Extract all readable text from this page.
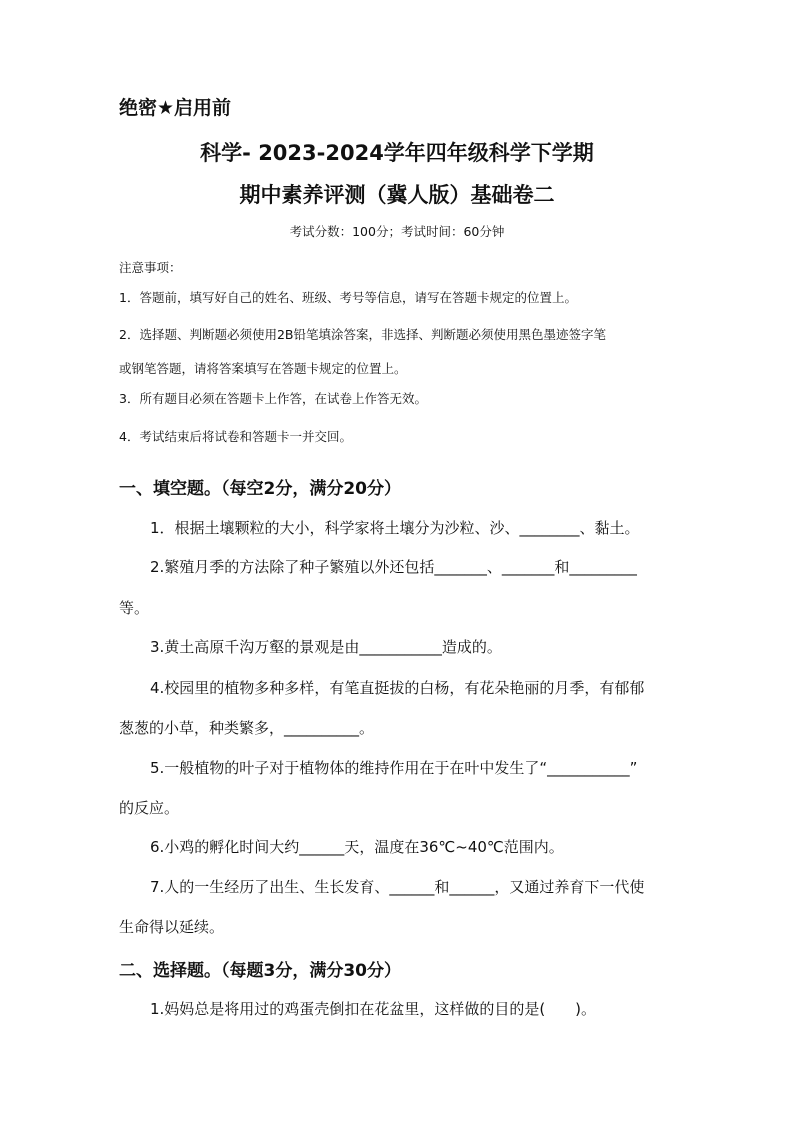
绝密★启用前
科学- 2023-2024学年四年级科学下学期
期中素养评测（冀人版）基础卷二
考试分数：100分；考试时间：60分钟
注意事项：
1．答题前，填写好自己的姓名、班级、考号等信息，请写在答题卡规定的位置上。
2．选择题、判断题必须使用2B铅笔填涂答案，非选择、判断题必须使用黑色墨迹签字笔
或钢笔答题，请将答案填写在答题卡规定的位置上。
3．所有题目必须在答题卡上作答，在试卷上作答无效。
4．考试结束后将试卷和答题卡一并交回。
一、填空题。（每空2分，满分20分）
1．根据土壤颗粒的大小，科学家将土壤分为沙粒、沙、________、黏土。
2.繁殖月季的方法除了种子繁殖以外还包括_______、_______和_________
等。
3.黄土高原千沟万壑的景观是由___________造成的。
4.校园里的植物多种多样，有笔直挺拔的白杨，有花朵艳丽的月季，有郁郁
葱葱的小草，种类繁多，__________。
5.一般植物的叶子对于植物体的维持作用在于在叶中发生了“___________”
的反应。
6.小鸡的孵化时间大约______天，温度在36℃~40℃范围内。
7.人的一生经历了出生、生长发育、______和______，又通过养育下一代使
生命得以延续。
二、选择题。（每题3分，满分30分）
1.妈妈总是将用过的鸡蛋壳倒扣在花盆里，这样做的目的是(　　)。
